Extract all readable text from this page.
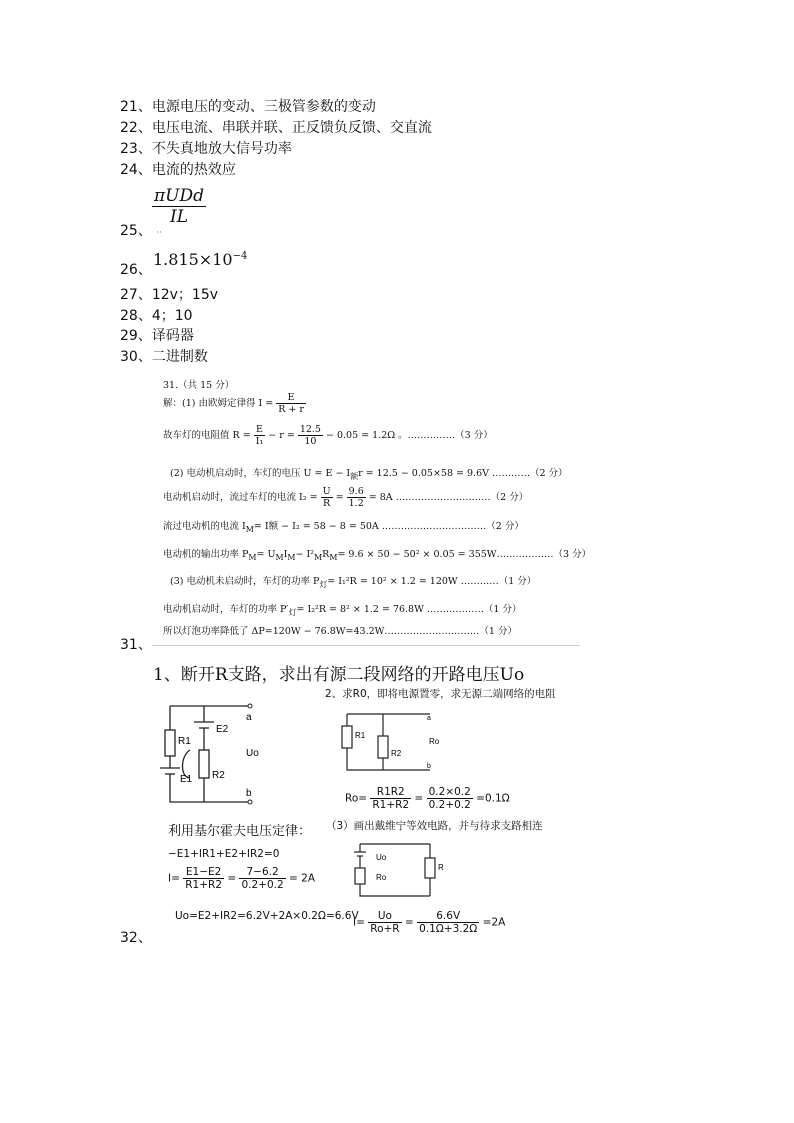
21、电源电压的变动、三极管参数的变动
22、电压电流、串联并联、正反馈负反馈、交直流
23、不失真地放大信号功率
24、电流的热效应
$\frac{\text{πUDd}}{IL}$
25、 ··
$1.815\times 10^{-4}$
26、
27、12v；15v
28、4；10
29、译码器
30、二进制数
31.（共 15 分）
解：(1) 由欧姆定律得 $I = \frac{E}{R + r}$
故车灯的电阻值 $R = \frac{E}{\text{I₁}} - r = \frac{12.5}{10} - 0.05 = 1.2\Omega$ 。……………（3 分）
(2) 电动机启动时，车灯的电压 $U = E - I_额r = 12.5 - 0.05\times 58 = 9.6V$ …………（2 分）
电动机启动时，流过车灯的电流 $I_2 = \frac{U}{R} = \frac{9.6}{1.2} = 8A$ …………………………（2 分）
流过电动机的电流 $I_M= I$额 − I₂ = 58 − 8 = 50A ……………………………（2 分）
电动机的输出功率 $P_M= U_MI_M- I^2_MR_M= 9.6 \times 50 - 50^2 \times 0.05$ = 355W………………（3 分）
(3) 电动机未启动时，车灯的功率 $P_灯= I_1^2R = 10^2 \times 1.2 = 120W$ …………（1 分）
电动机启动时，车灯的功率 $P'_灯= I_2^2R = 8^2 \times 1.2 = 76.8W$ ………………（1 分）
所以灯泡功率降低了 ΔP=120W − 76.8W=43.2W…………………………（1 分）
31、
1、断开R支路，求出有源二段网络的开路电压Uo
2、求R0，即将电源置零，求无源二端网络的电阻
R1
E1
E2
R2
Uo
a
b
R1
R2
Ro
a
b
$Ro= \frac{R1R2}{R1+R2} = \frac{0.2\times 0.2}{0.2+0.2} =0.1\Omega$
利用基尔霍夫电压定律： （3）画出戴维宁等效电路，并与待求支路相连
−E1+IR1+E2+IR2=0
$I= \frac{E1-E2}{R1+R2} = \frac{7-6.2}{0.2+0.2} = 2A$
Uo=E2+IR2=6.2V+2A×0.2Ω=6.6V
Uo
Ro
R
$I= \frac{Uo}{Ro+R} = \frac{6.6V}{0.1\Omega+3.2\Omega} =2A$
32、
